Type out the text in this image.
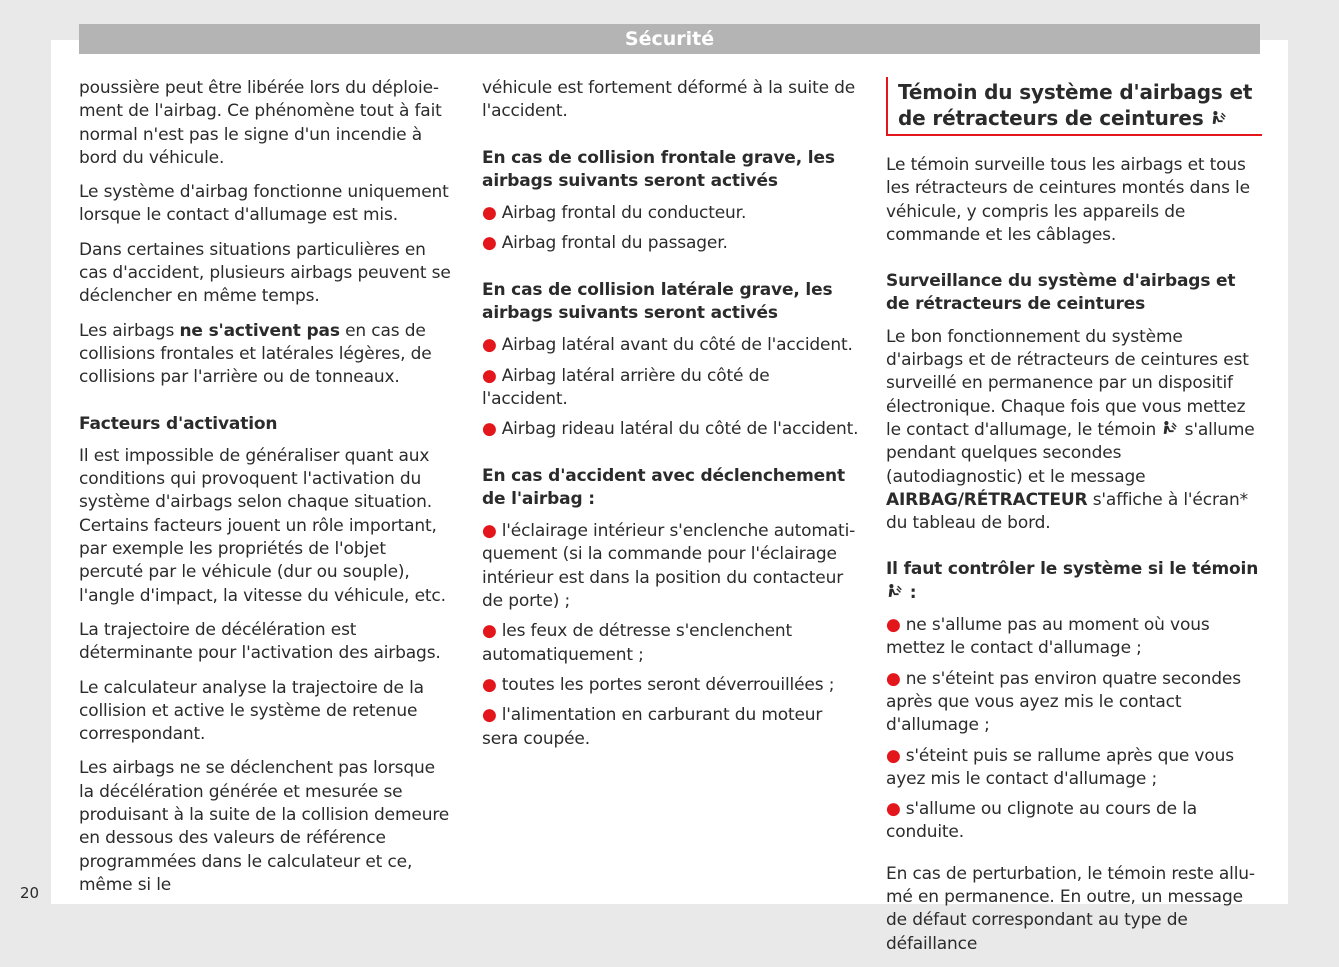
Sécurité

poussière peut être libérée lors du déploiement de l'airbag. Ce phénomène tout à fait normal n'est pas le signe d'un incendie à bord du véhicule.

Le système d'airbag fonctionne uniquement lorsque le contact d'allumage est mis.

Dans certaines situations particulières en cas d'accident, plusieurs airbags peuvent se déclencher en même temps.

Les airbags ne s'activent pas en cas de collisions frontales et latérales légères, de collisions par l'arrière ou de tonneaux.

Facteurs d'activation

Il est impossible de généraliser quant aux conditions qui provoquent l'activation du système d'airbags selon chaque situation. Certains facteurs jouent un rôle important, par exemple les propriétés de l'objet percuté par le véhicule (dur ou souple), l'angle d'impact, la vitesse du véhicule, etc.

La trajectoire de décélération est déterminante pour l'activation des airbags.

Le calculateur analyse la trajectoire de la collision et active le système de retenue correspondant.

Les airbags ne se déclenchent pas lorsque la décélération générée et mesurée se produisant à la suite de la collision demeure en dessous des valeurs de référence programmées dans le calculateur et ce, même si le

véhicule est fortement déformé à la suite de l'accident.

En cas de collision frontale grave, les airbags suivants seront activés
● Airbag frontal du conducteur.
● Airbag frontal du passager.
En cas de collision latérale grave, les airbags suivants seront activés
● Airbag latéral avant du côté de l'accident.
● Airbag latéral arrière du côté de l'accident.
● Airbag rideau latéral du côté de l'accident.
En cas d'accident avec déclenchement de l'airbag :
● l'éclairage intérieur s'enclenche automatiquement (si la commande pour l'éclairage intérieur est dans la position du contacteur de porte) ;
● les feux de détresse s'enclenchent automatiquement ;
● toutes les portes seront déverrouillées ;
● l'alimentation en carburant du moteur sera coupée.
Témoin du système d'airbags et de rétracteurs de ceintures

Le témoin surveille tous les airbags et tous les rétracteurs de ceintures montés dans le véhicule, y compris les appareils de commande et les câblages.

Surveillance du système d'airbags et de rétracteurs de ceintures

Le bon fonctionnement du système d'airbags et de rétracteurs de ceintures est surveillé en permanence par un dispositif électronique. Chaque fois que vous mettez le contact d'allumage, le témoin  s'allume pendant quelques secondes (autodiagnostic) et le message AIRBAG/RÉTRACTEUR s'affiche à l'écran* du tableau de bord.

Il faut contrôler le système si le témoin  :
● ne s'allume pas au moment où vous mettez le contact d'allumage ;
● ne s'éteint pas environ quatre secondes après que vous ayez mis le contact d'allumage ;
● s'éteint puis se rallume après que vous ayez mis le contact d'allumage ;
● s'allume ou clignote au cours de la conduite.

En cas de perturbation, le témoin reste allumé en permanence. En outre, un message de défaut correspondant au type de défaillance

20
